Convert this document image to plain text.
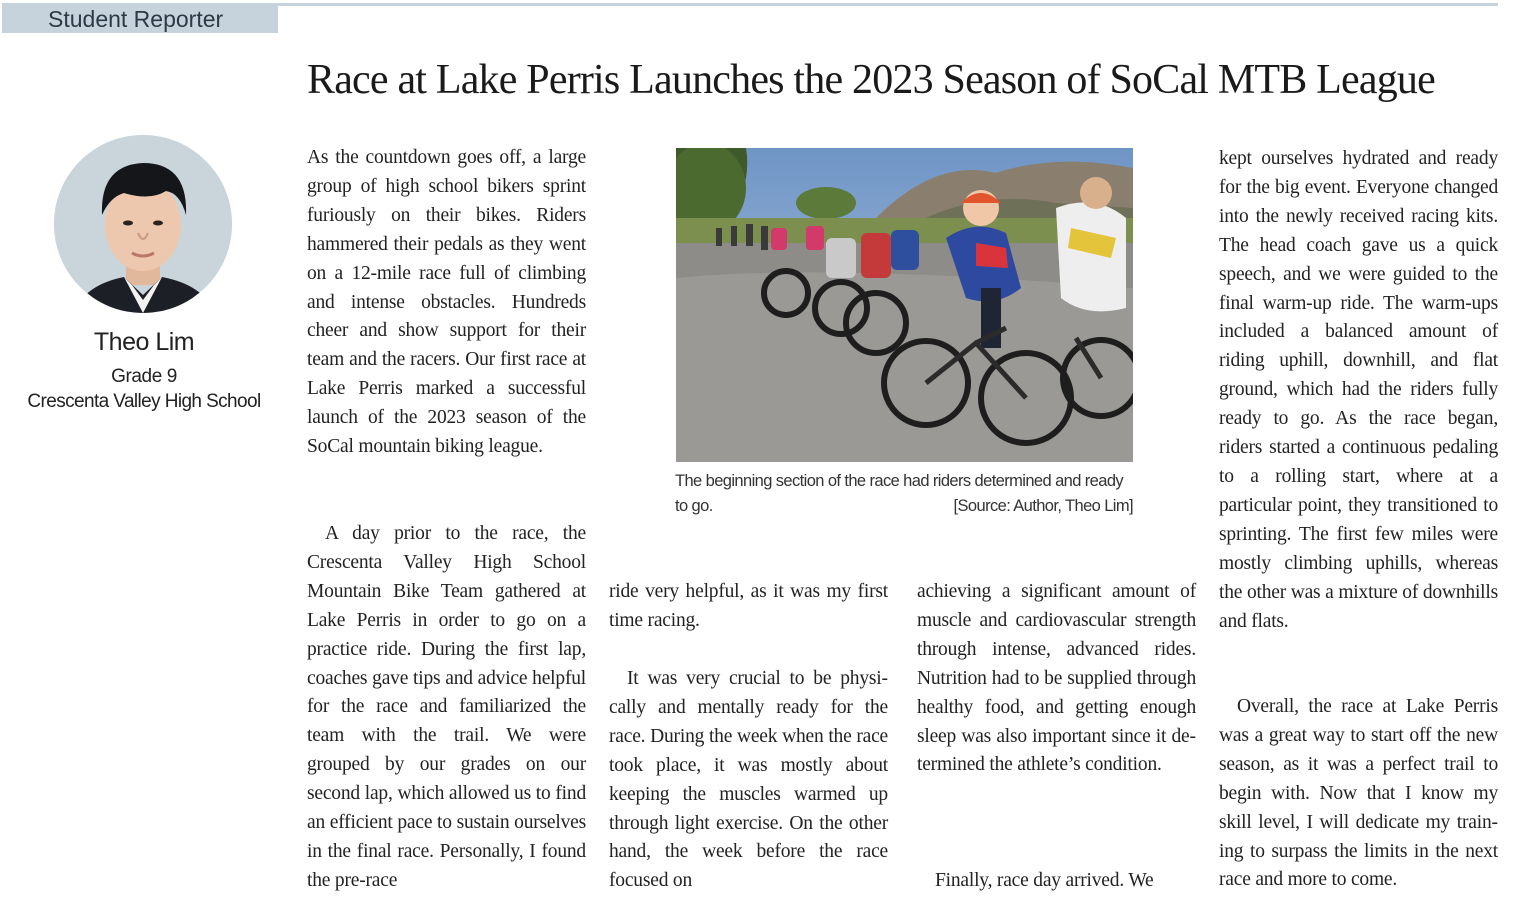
Student Reporter
Race at Lake Perris Launches the 2023 Season of SoCal MTB League
Theo Lim
Grade 9
Crescenta Valley High School

As the countdown goes off, a large group of high school bikers sprint furiously on their bikes. Riders hammered their pedals as they went on a 12-mile race full of climbing and intense obstacles. Hundreds cheer and show support for their team and the racers. Our first race at Lake Perris marked a successful launch of the 2023 season of the SoCal mountain biking league.

A day prior to the race, the Crescenta Valley High School Mountain Bike Team gathered at Lake Perris in order to go on a practice ride. During the first lap, coaches gave tips and advice helpful for the race and familiarized the team with the trail. We were grouped by our grades on our second lap, which allowed us to find an efficient pace to sustain ourselves in the final race. Personally, I found the pre-race

The beginning section of the race had riders determined and ready to go.	[Source: Author, Theo Lim]

ride very helpful, as it was my first time racing.

It was very crucial to be physically and mentally ready for the race. During the week when the race took place, it was mostly about keeping the muscles warmed up through light exercise. On the other hand, the week before the race focused on

achieving a significant amount of muscle and cardiovascular strength through intense, advanced rides. Nutrition had to be supplied through healthy food, and getting enough sleep was also important since it determined the athlete’s condition.

Finally, race day arrived. We

kept ourselves hydrated and ready for the big event. Everyone changed into the newly received racing kits. The head coach gave us a quick speech, and we were guided to the final warm-up ride. The warm-ups included a balanced amount of riding uphill, downhill, and flat ground, which had the riders fully ready to go. As the race began, riders started a continuous pedaling to a rolling start, where at a particular point, they transitioned to sprinting. The first few miles were mostly climbing uphills, whereas the other was a mixture of downhills and flats.

Overall, the race at Lake Perris was a great way to start off the new season, as it was a perfect trail to begin with. Now that I know my skill level, I will dedicate my training to surpass the limits in the next race and more to come.
